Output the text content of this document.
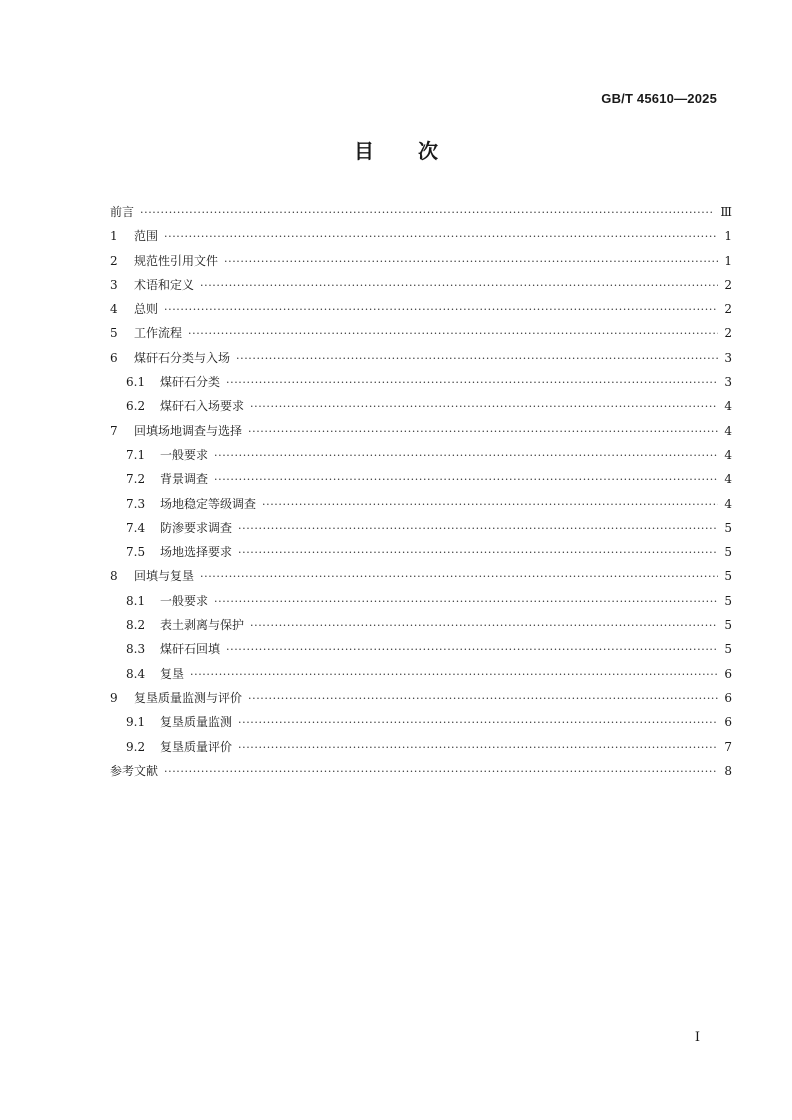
GB/T 45610—2025
目次
前言 ·····	Ⅲ
1	范围 ·····	1
2	规范性引用文件 ·····	1
3	术语和定义 ·····	2
4	总则 ·····	2
5	工作流程 ·····	2
6	煤矸石分类与入场 ·····	3
6.1	煤矸石分类 ·····	3
6.2	煤矸石入场要求 ·····	4
7	回填场地调查与选择 ·····	4
7.1	一般要求 ·····	4
7.2	背景调查 ·····	4
7.3	场地稳定等级调查 ·····	4
7.4	防渗要求调查 ·····	5
7.5	场地选择要求 ·····	5
8	回填与复垦 ·····	5
8.1	一般要求 ·····	5
8.2	表土剥离与保护 ·····	5
8.3	煤矸石回填 ·····	5
8.4	复垦 ·····	6
9	复垦质量监测与评价 ·····	6
9.1	复垦质量监测 ·····	6
9.2	复垦质量评价 ·····	7
参考文献 ·····	8
I
